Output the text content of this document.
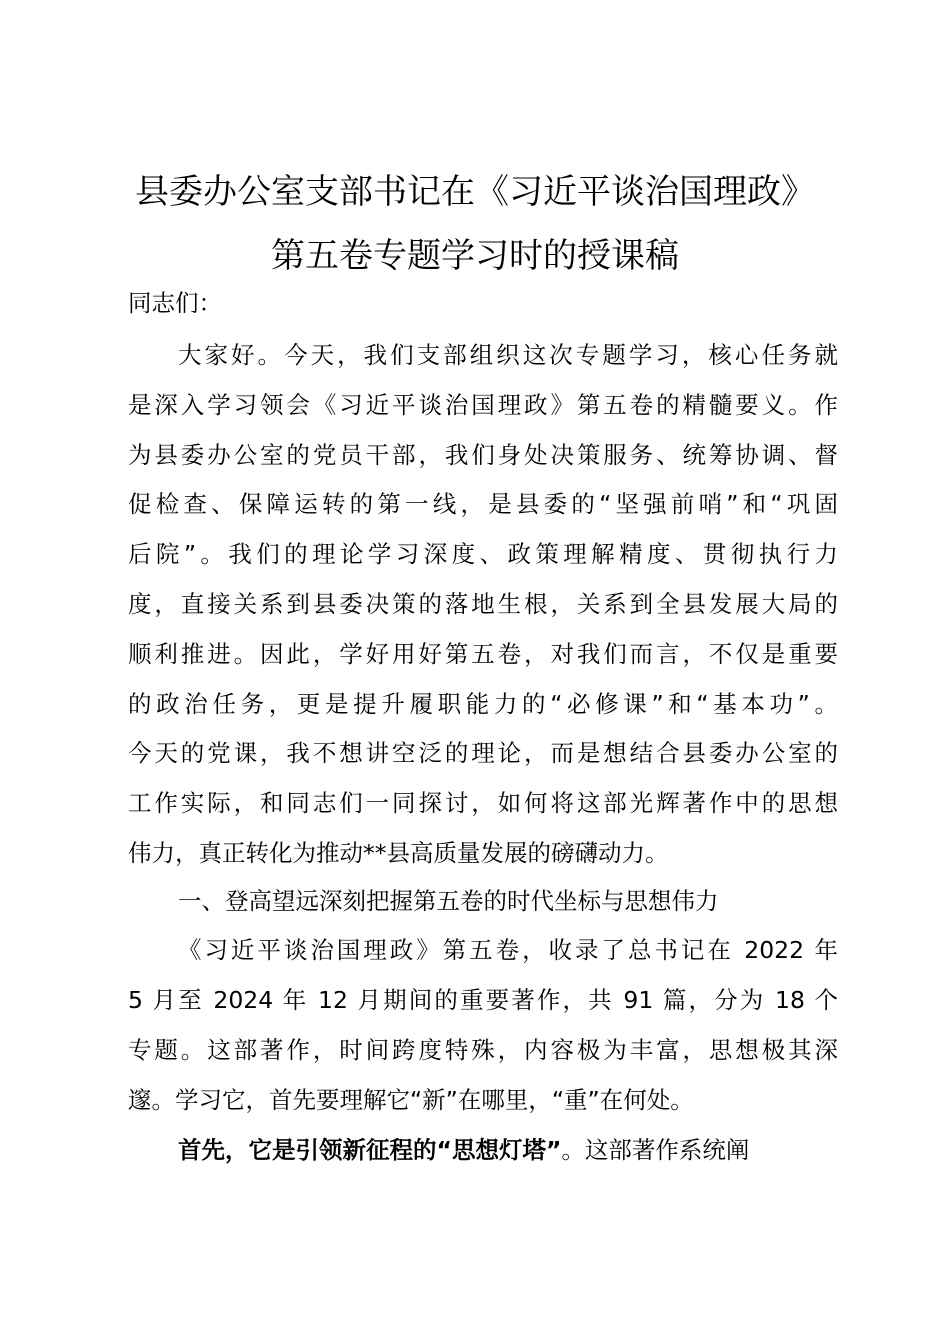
县委办公室支部书记在《习近平谈治国理政》
第五卷专题学习时的授课稿
同志们：
大家好。今天，我们支部组织这次专题学习，核心任务就
是深入学习领会《习近平谈治国理政》第五卷的精髓要义。作
为县委办公室的党员干部，我们身处决策服务、统筹协调、督
促检查、保障运转的第一线，是县委的“坚强前哨”和“巩固
后院”。我们的理论学习深度、政策理解精度、贯彻执行力
度，直接关系到县委决策的落地生根，关系到全县发展大局的
顺利推进。因此，学好用好第五卷，对我们而言，不仅是重要
的政治任务，更是提升履职能力的“必修课”和“基本功”。
今天的党课，我不想讲空泛的理论，而是想结合县委办公室的
工作实际，和同志们一同探讨，如何将这部光辉著作中的思想
伟力，真正转化为推动**县高质量发展的磅礴动力。
一、登高望远深刻把握第五卷的时代坐标与思想伟力
《习近平谈治国理政》第五卷，收录了总书记在 2022 年
5 月至 2024 年 12 月期间的重要著作，共 91 篇，分为 18 个
专题。这部著作，时间跨度特殊，内容极为丰富，思想极其深
邃。学习它，首先要理解它“新”在哪里，“重”在何处。
首先，它是引领新征程的“思想灯塔”。这部著作系统阐
